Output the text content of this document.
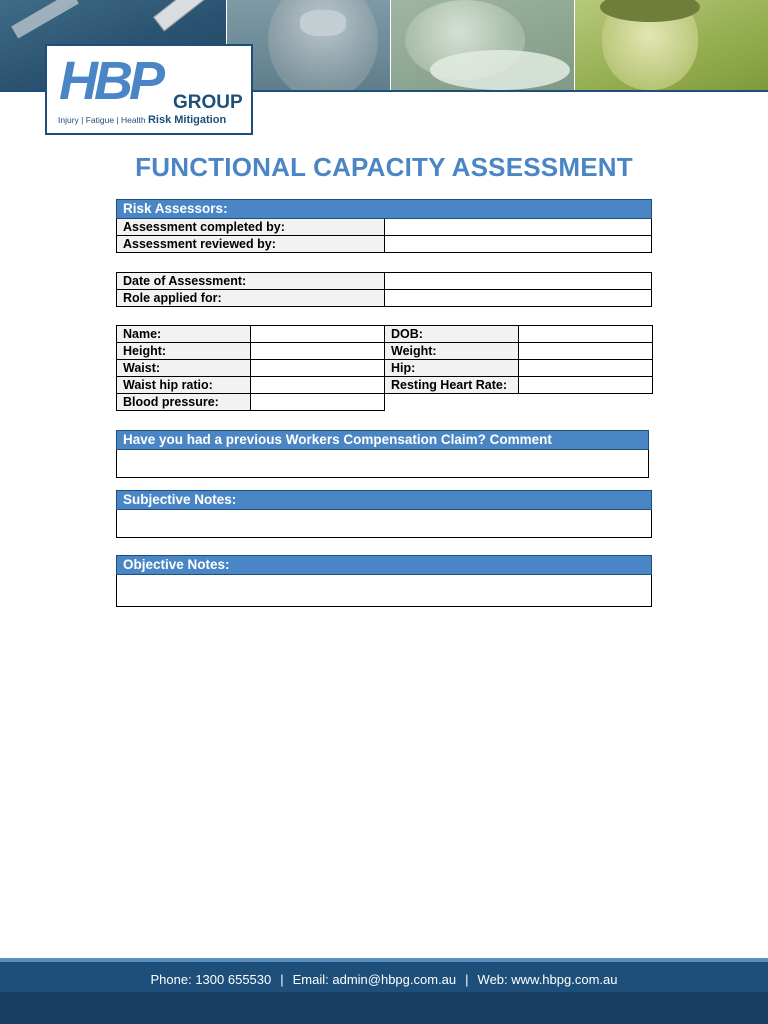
HBP GROUP
Injury | Fatigue | Health Risk Mitigation
FUNCTIONAL CAPACITY ASSESSMENT
Risk Assessors:	
Assessment completed by:	
Assessment reviewed by:	
Date of Assessment:	
Role applied for:	
Name:		DOB:	
Height:		Weight:	
Waist:		Hip:	
Waist hip ratio:		Resting Heart Rate:	
Blood pressure:			
Have you had a previous Workers Compensation Claim? Comment

Subjective Notes:

Objective Notes:

Phone: 1300 655530 | Email: admin@hbpg.com.au | Web: www.hbpg.com.au
